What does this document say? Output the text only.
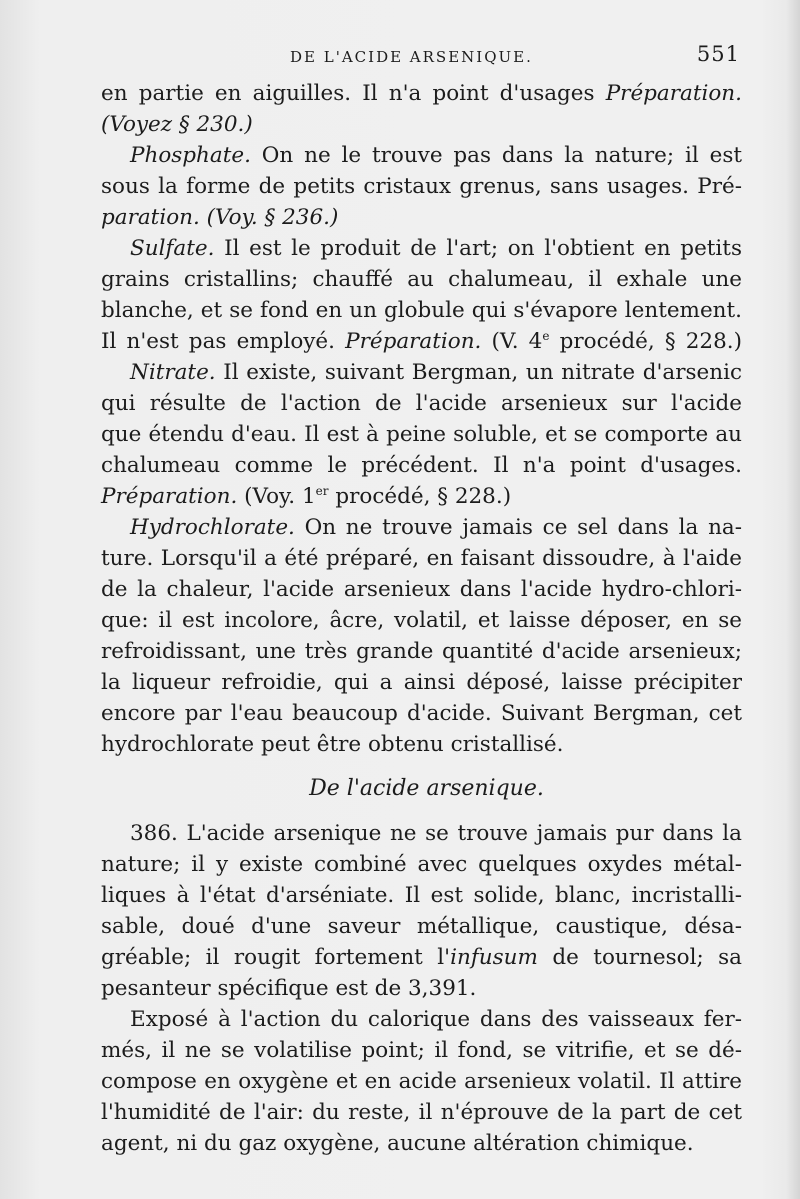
DE L'ACIDE ARSENIQUE.	551
en partie en aiguilles. Il n'a point d'usages Préparation.
(Voyez § 230.)
Phosphate. On ne le trouve pas dans la nature; il est
sous la forme de petits cristaux grenus, sans usages. Pré-
paration. (Voy. § 236.)
Sulfate. Il est le produit de l'art; on l'obtient en petits
grains cristallins; chauffé au chalumeau, il exhale une
blanche, et se fond en un globule qui s'évapore lentement.
Il n'est pas employé. Préparation. (V. 4e procédé, § 228.)
Nitrate. Il existe, suivant Bergman, un nitrate d'arsenic
qui résulte de l'action de l'acide arsenieux sur l'acide
que étendu d'eau. Il est à peine soluble, et se comporte au
chalumeau comme le précédent. Il n'a point d'usages.
Préparation. (Voy. 1er procédé, § 228.)
Hydrochlorate. On ne trouve jamais ce sel dans la na-
ture. Lorsqu'il a été préparé, en faisant dissoudre, à l'aide
de la chaleur, l'acide arsenieux dans l'acide hydro-chlori-
que: il est incolore, âcre, volatil, et laisse déposer, en se
refroidissant, une très grande quantité d'acide arsenieux;
la liqueur refroidie, qui a ainsi déposé, laisse précipiter
encore par l'eau beaucoup d'acide. Suivant Bergman, cet
hydrochlorate peut être obtenu cristallisé.
De l'acide arsenique.
386. L'acide arsenique ne se trouve jamais pur dans la
nature; il y existe combiné avec quelques oxydes métal-
liques à l'état d'arséniate. Il est solide, blanc, incristalli-
sable, doué d'une saveur métallique, caustique, désa-
gréable; il rougit fortement l'infusum de tournesol; sa
pesanteur spécifique est de 3,391.
Exposé à l'action du calorique dans des vaisseaux fer-
més, il ne se volatilise point; il fond, se vitrifie, et se dé-
compose en oxygène et en acide arsenieux volatil. Il attire
l'humidité de l'air: du reste, il n'éprouve de la part de cet
agent, ni du gaz oxygène, aucune altération chimique.
